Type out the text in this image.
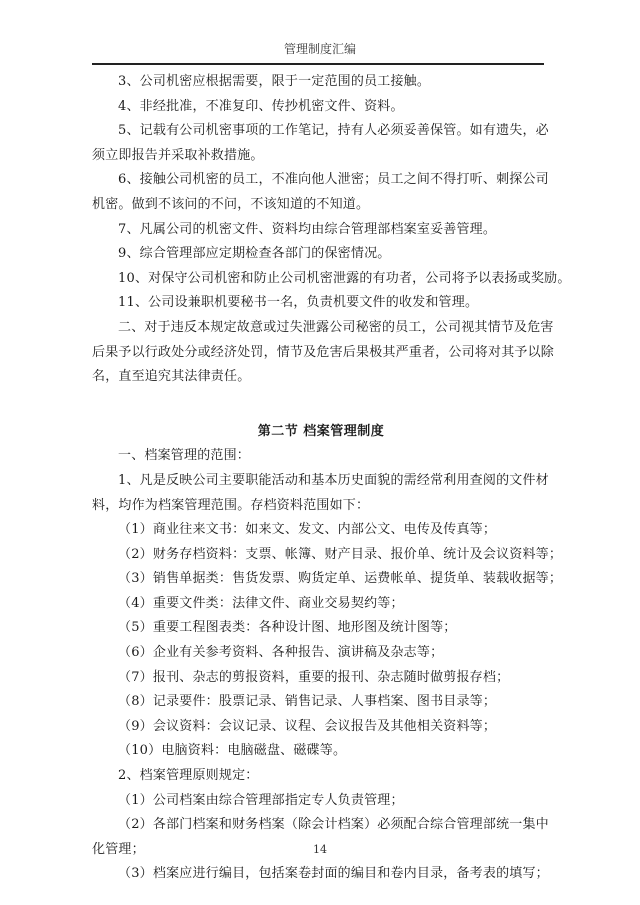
管理制度汇编
3、公司机密应根据需要，限于一定范围的员工接触。
4、非经批准，不准复印、传抄机密文件、资料。
5、记载有公司机密事项的工作笔记，持有人必须妥善保管。如有遗失，必
须立即报告并采取补救措施。
6、接触公司机密的员工，不准向他人泄密；员工之间不得打听、刺探公司
机密。做到不该问的不问，不该知道的不知道。
7、凡属公司的机密文件、资料均由综合管理部档案室妥善管理。
9、综合管理部应定期检查各部门的保密情况。
10、对保守公司机密和防止公司机密泄露的有功者，公司将予以表扬或奖励。
11、公司设兼职机要秘书一名，负责机要文件的收发和管理。
二、对于违反本规定故意或过失泄露公司秘密的员工，公司视其情节及危害
后果予以行政处分或经济处罚，情节及危害后果极其严重者，公司将对其予以除
名，直至追究其法律责任。
第二节 档案管理制度
一、档案管理的范围：
1、凡是反映公司主要职能活动和基本历史面貌的需经常利用查阅的文件材
料，均作为档案管理范围。存档资料范围如下：
（1）商业往来文书：如来文、发文、内部公文、电传及传真等；
（2）财务存档资料：支票、帐簿、财产目录、报价单、统计及会议资料等；
（3）销售单据类：售货发票、购货定单、运费帐单、提货单、装载收据等；
（4）重要文件类：法律文件、商业交易契约等；
（5）重要工程图表类：各种设计图、地形图及统计图等；
（6）企业有关参考资料、各种报告、演讲稿及杂志等；
（7）报刊、杂志的剪报资料，重要的报刊、杂志随时做剪报存档；
（8）记录要件：股票记录、销售记录、人事档案、图书目录等；
（9）会议资料：会议记录、议程、会议报告及其他相关资料等；
（10）电脑资料：电脑磁盘、磁碟等。
2、档案管理原则规定：
（1）公司档案由综合管理部指定专人负责管理；
（2）各部门档案和财务档案（除会计档案）必须配合综合管理部统一集中
化管理；
（3）档案应进行编目，包括案卷封面的编目和卷内目录，备考表的填写；
14
